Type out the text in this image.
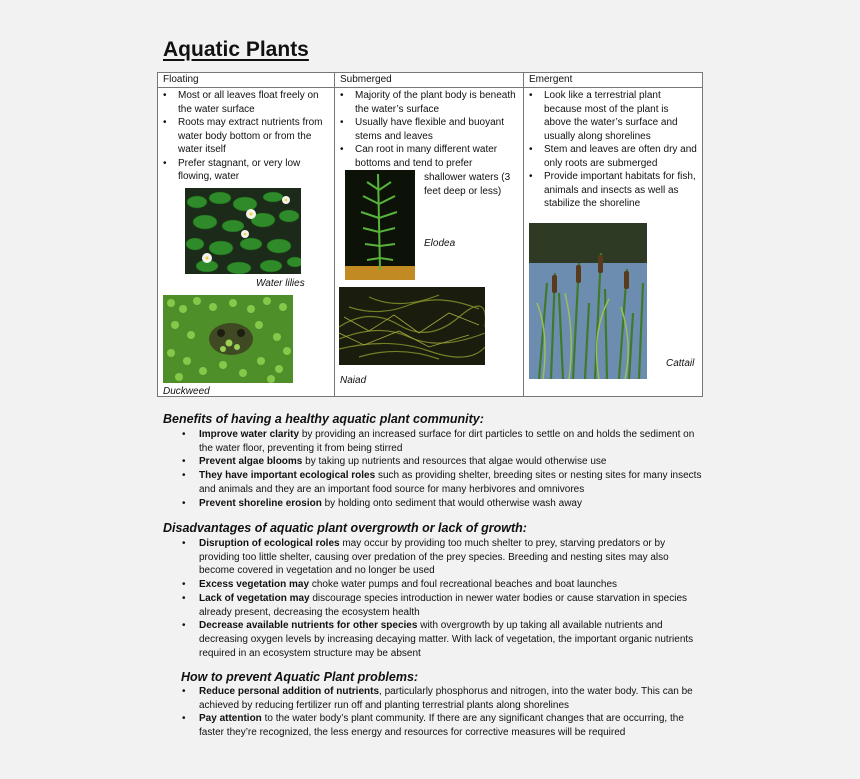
Aquatic Plants
Floating
• Most or all leaves float freely on the water surface
• Roots may extract nutrients from water body bottom or from the water itself
• Prefer stagnant, or very low flowing, water
Water lilies
Duckweed
Submerged
• Majority of the plant body is beneath the water’s surface
• Usually have flexible and buoyant stems and leaves
• Can root in many different water bottoms and tend to prefer
shallower waters (3 feet deep or less)
Elodea
Naiad
Emergent
• Look like a terrestrial plant because most of the plant is above the water’s surface and usually along shorelines
• Stem and leaves are often dry and only roots are submerged
• Provide important habitats for fish, animals and insects as well as stabilize the shoreline
Cattail
Benefits of having a healthy aquatic plant community:
• Improve water clarity by providing an increased surface for dirt particles to settle on and holds the sediment on the water floor, preventing it from being stirred
• Prevent algae blooms by taking up nutrients and resources that algae would otherwise use
• They have important ecological roles such as providing shelter, breeding sites or nesting sites for many insects and animals and they are an important food source for many herbivores and omnivores
• Prevent shoreline erosion by holding onto sediment that would otherwise wash away
Disadvantages of aquatic plant overgrowth or lack of growth:
• Disruption of ecological roles may occur by providing too much shelter to prey, starving predators or by providing too little shelter, causing over predation of the prey species. Breeding and nesting sites may also become covered in vegetation and no longer be used
• Excess vegetation may choke water pumps and foul recreational beaches and boat launches
• Lack of vegetation may discourage species introduction in newer water bodies or cause starvation in species already present, decreasing the ecosystem health
• Decrease available nutrients for other species with overgrowth by up taking all available nutrients and decreasing oxygen levels by increasing decaying matter. With lack of vegetation, the important organic nutrients required in an ecosystem structure may be absent
How to prevent Aquatic Plant problems:
• Reduce personal addition of nutrients, particularly phosphorus and nitrogen, into the water body. This can be achieved by reducing fertilizer run off and planting terrestrial plants along shorelines
• Pay attention to the water body’s plant community. If there are any significant changes that are occurring, the faster they’re recognized, the less energy and resources for corrective measures will be required
